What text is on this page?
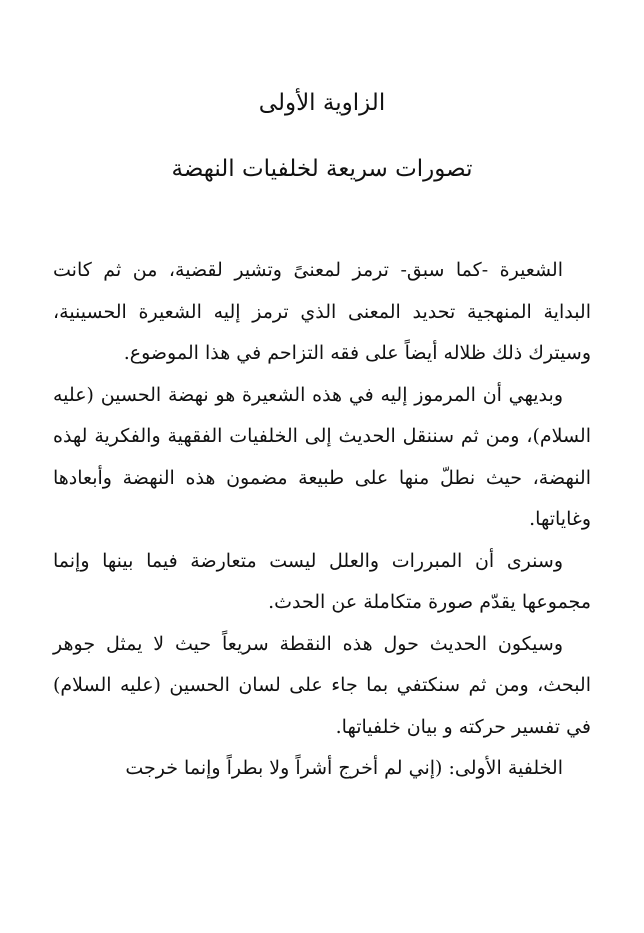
الزاوية الأولى
تصورات سريعة لخلفيات النهضة

الشعيرة -كما سبق- ترمز لمعنىً وتشير لقضية، من ثم كانت البداية المنهجية تحديد المعنى الذي ترمز إليه الشعيرة الحسينية، وسيترك ذلك ظلاله أيضاً على فقه التزاحم في هذا الموضوع.

وبديهي أن المرموز إليه في هذه الشعيرة هو نهضة الحسين (عليه السلام)، ومن ثم سننقل الحديث إلى الخلفيات الفقهية والفكرية لهذه النهضة، حيث نطلّ منها على طبيعة مضمون هذه النهضة وأبعادها وغاياتها.

وسنرى أن المبررات والعلل ليست متعارضة فيما بينها وإنما مجموعها يقدّم صورة متكاملة عن الحدث.

وسيكون الحديث حول هذه النقطة سريعاً حيث لا يمثل جوهر البحث، ومن ثم سنكتفي بما جاء على لسان الحسين (عليه السلام) في تفسير حركته و بيان خلفياتها.

الخلفية الأولى: (إني لم أخرج أشراً ولا بطراً وإنما خرجت
